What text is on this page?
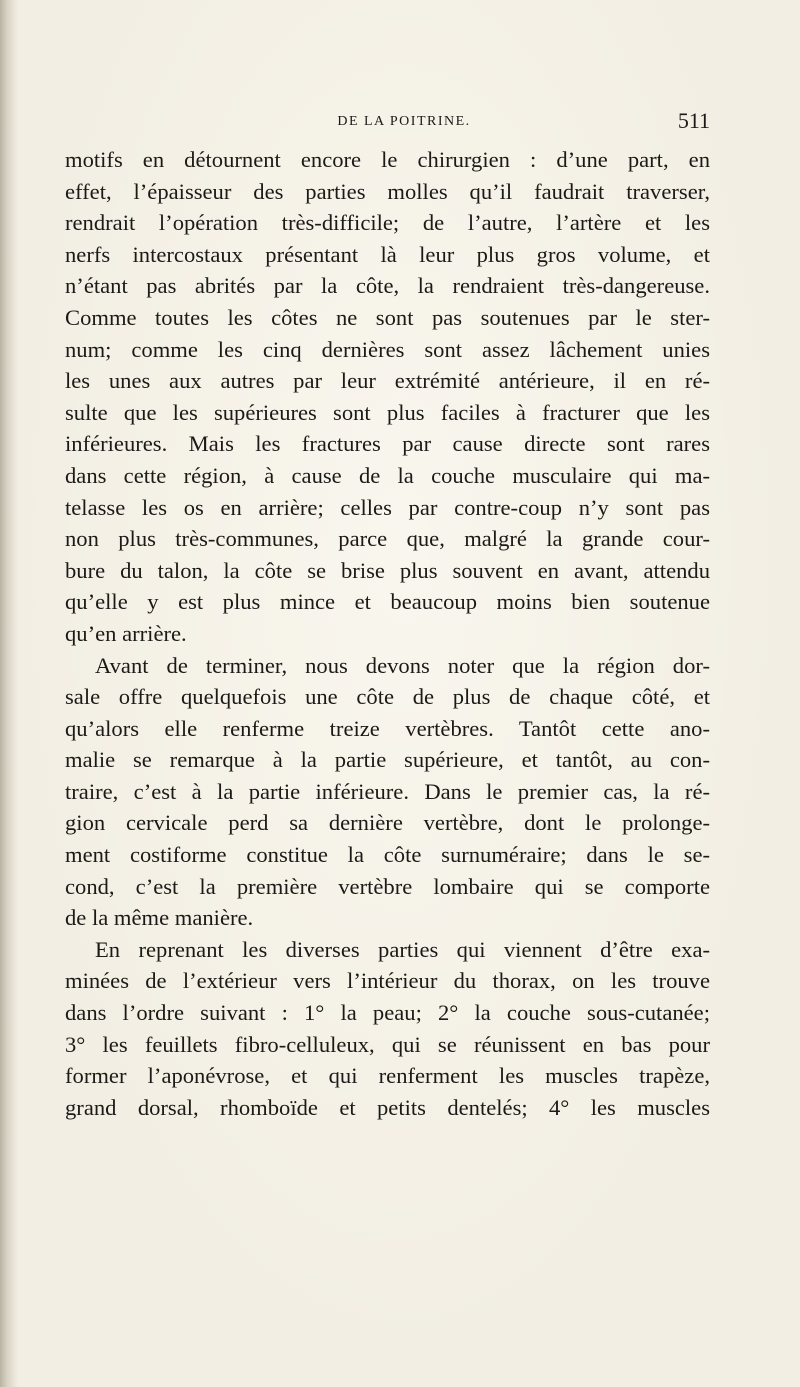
DE LA POITRINE.	511
motifs en détournent encore le chirurgien : d’une part, en
effet, l’épaisseur des parties molles qu’il faudrait traverser,
rendrait l’opération très-difficile; de l’autre, l’artère et les
nerfs intercostaux présentant là leur plus gros volume, et
n’étant pas abrités par la côte, la rendraient très-dangereuse.
Comme toutes les côtes ne sont pas soutenues par le ster-
num; comme les cinq dernières sont assez lâchement unies
les unes aux autres par leur extrémité antérieure, il en ré-
sulte que les supérieures sont plus faciles à fracturer que les
inférieures. Mais les fractures par cause directe sont rares
dans cette région, à cause de la couche musculaire qui ma-
telasse les os en arrière; celles par contre-coup n’y sont pas
non plus très-communes, parce que, malgré la grande cour-
bure du talon, la côte se brise plus souvent en avant, attendu
qu’elle y est plus mince et beaucoup moins bien soutenue
qu’en arrière.
Avant de terminer, nous devons noter que la région dor-
sale offre quelquefois une côte de plus de chaque côté, et
qu’alors elle renferme treize vertèbres. Tantôt cette ano-
malie se remarque à la partie supérieure, et tantôt, au con-
traire, c’est à la partie inférieure. Dans le premier cas, la ré-
gion cervicale perd sa dernière vertèbre, dont le prolonge-
ment costiforme constitue la côte surnuméraire; dans le se-
cond, c’est la première vertèbre lombaire qui se comporte
de la même manière.
En reprenant les diverses parties qui viennent d’être exa-
minées de l’extérieur vers l’intérieur du thorax, on les trouve
dans l’ordre suivant : 1° la peau; 2° la couche sous-cutanée;
3° les feuillets fibro-celluleux, qui se réunissent en bas pour
former l’aponévrose, et qui renferment les muscles trapèze,
grand dorsal, rhomboïde et petits dentelés; 4° les muscles
